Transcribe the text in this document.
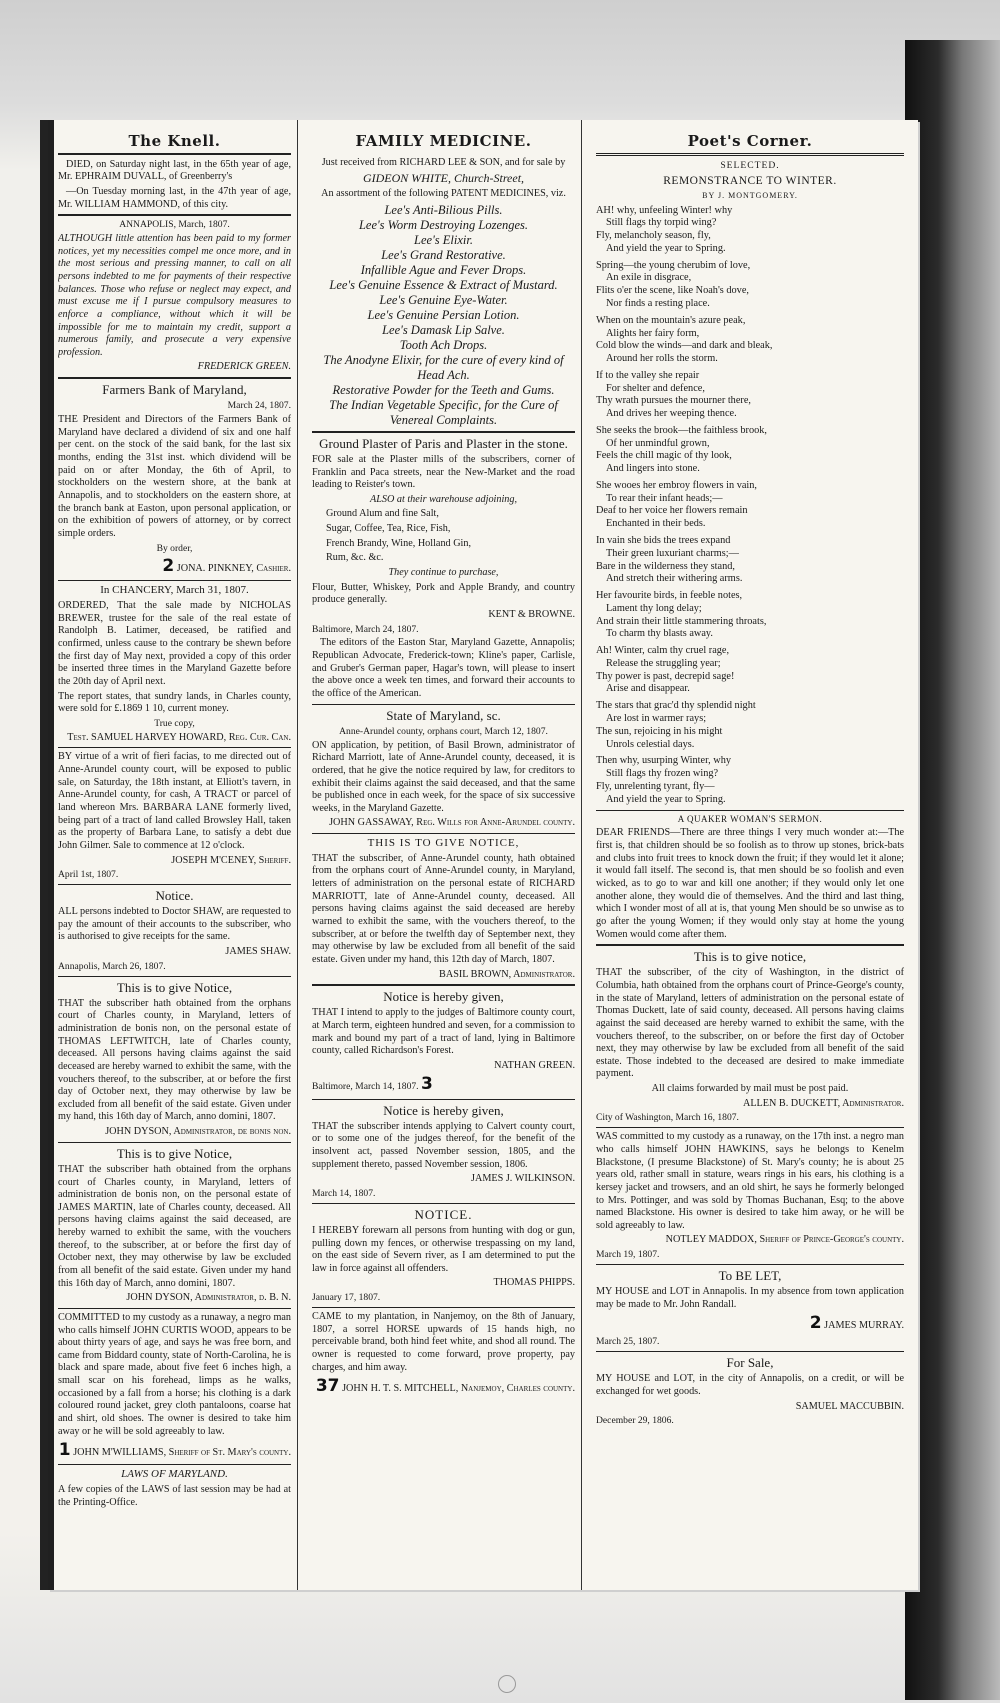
The Knell.

DIED, on Saturday night last, in the 65th year of age, Mr. EPHRAIM DUVALL, of Greenberry's

—On Tuesday morning last, in the 47th year of age, Mr. WILLIAM HAMMOND, of this city.

ANNAPOLIS, March, 1807.

ALTHOUGH little attention has been paid to my former notices, yet my necessities compel me once more, and in the most serious and pressing manner, to call on all persons indebted to me for payments of their respective balances. Those who refuse or neglect may expect, and must excuse me if I pursue compulsory measures to enforce a compliance, without which it will be impossible for me to maintain my credit, support a numerous family, and prosecute a very expensive profession.

FREDERICK GREEN.

Farmers Bank of Maryland,

March 24, 1807.

THE President and Directors of the Farmers Bank of Maryland have declared a dividend of six and one half per cent. on the stock of the said bank, for the last six months, ending the 31st inst. which dividend will be paid on or after Monday, the 6th of April, to stockholders on the western shore, at the bank at Annapolis, and to stockholders on the eastern shore, at the branch bank at Easton, upon personal application, or on the exhibition of powers of attorney, or by correct simple orders.

By order,

2 JONA. PINKNEY, Cashier.

In CHANCERY, March 31, 1807.

ORDERED, That the sale made by NICHOLAS BREWER, trustee for the sale of the real estate of Randolph B. Latimer, deceased, be ratified and confirmed, unless cause to the contrary be shewn before the first day of May next, provided a copy of this order be inserted three times in the Maryland Gazette before the 20th day of April next.

The report states, that sundry lands, in Charles county, were sold for £.1869 1 10, current money.

True copy,

Test. SAMUEL HARVEY HOWARD, Reg. Cur. Can.

BY virtue of a writ of fieri facias, to me directed out of Anne-Arundel county court, will be exposed to public sale, on Saturday, the 18th instant, at Elliott's tavern, in Anne-Arundel county, for cash, A TRACT or parcel of land whereon Mrs. BARBARA LANE formerly lived, being part of a tract of land called Browsley Hall, taken as the property of Barbara Lane, to satisfy a debt due John Gilmer. Sale to commence at 12 o'clock.

JOSEPH M'CENEY, Sheriff.

April 1st, 1807.

Notice.

ALL persons indebted to Doctor SHAW, are requested to pay the amount of their accounts to the subscriber, who is authorised to give receipts for the same.

JAMES SHAW.

Annapolis, March 26, 1807.

This is to give Notice,

THAT the subscriber hath obtained from the orphans court of Charles county, in Maryland, letters of administration de bonis non, on the personal estate of THOMAS LEFTWITCH, late of Charles county, deceased. All persons having claims against the said deceased are hereby warned to exhibit the same, with the vouchers thereof, to the subscriber, at or before the first day of October next, they may otherwise by law be excluded from all benefit of the said estate. Given under my hand, this 16th day of March, anno domini, 1807.

JOHN DYSON, Administrator, de bonis non.

This is to give Notice,

THAT the subscriber hath obtained from the orphans court of Charles county, in Maryland, letters of administration de bonis non, on the personal estate of JAMES MARTIN, late of Charles county, deceased. All persons having claims against the said deceased, are hereby warned to exhibit the same, with the vouchers thereof, to the subscriber, at or before the first day of October next, they may otherwise by law be excluded from all benefit of the said estate. Given under my hand this 16th day of March, anno domini, 1807.

JOHN DYSON, Administrator, d. B. N.

COMMITTED to my custody as a runaway, a negro man who calls himself JOHN CURTIS WOOD, appears to be about thirty years of age, and says he was free born, and came from Biddard county, state of North-Carolina, he is black and spare made, about five feet 6 inches high, a small scar on his forehead, limps as he walks, occasioned by a fall from a horse; his clothing is a dark coloured round jacket, grey cloth pantaloons, coarse hat and shirt, old shoes. The owner is desired to take him away or he will be sold agreeably to law.

1 JOHN M'WILLIAMS, Sheriff of St. Mary's county.

LAWS OF MARYLAND.

A few copies of the LAWS of last session may be had at the Printing-Office.

FAMILY MEDICINE.

Just received from RICHARD LEE & SON, and for sale by

GIDEON WHITE, Church-Street,

An assortment of the following PATENT MEDICINES, viz.

Lee's Anti-Bilious Pills.
Lee's Worm Destroying Lozenges.
Lee's Elixir.
Lee's Grand Restorative.
Infallible Ague and Fever Drops.
Lee's Genuine Essence & Extract of Mustard.
Lee's Genuine Eye-Water.
Lee's Genuine Persian Lotion.
Lee's Damask Lip Salve.
Tooth Ach Drops.
The Anodyne Elixir, for the cure of every kind of Head Ach.
Restorative Powder for the Teeth and Gums.
The Indian Vegetable Specific, for the Cure of Venereal Complaints.
Ground Plaster of Paris and Plaster in the stone.

FOR sale at the Plaster mills of the subscribers, corner of Franklin and Paca streets, near the New-Market and the road leading to Reister's town.

ALSO at their warehouse adjoining,

Ground Alum and fine Salt,

Sugar, Coffee, Tea, Rice, Fish,

French Brandy, Wine, Holland Gin,

Rum, &c. &c.

They continue to purchase,

Flour, Butter, Whiskey, Pork and Apple Brandy, and country produce generally.

KENT & BROWNE.

Baltimore, March 24, 1807.

The editors of the Easton Star, Maryland Gazette, Annapolis; Republican Advocate, Frederick-town; Kline's paper, Carlisle, and Gruber's German paper, Hagar's town, will please to insert the above once a week ten times, and forward their accounts to the office of the American.

State of Maryland, sc.

Anne-Arundel county, orphans court, March 12, 1807.

ON application, by petition, of Basil Brown, administrator of Richard Marriott, late of Anne-Arundel county, deceased, it is ordered, that he give the notice required by law, for creditors to exhibit their claims against the said deceased, and that the same be published once in each week, for the space of six successive weeks, in the Maryland Gazette.

JOHN GASSAWAY, Reg. Wills for Anne-Arundel county.

THIS IS TO GIVE NOTICE,

THAT the subscriber, of Anne-Arundel county, hath obtained from the orphans court of Anne-Arundel county, in Maryland, letters of administration on the personal estate of RICHARD MARRIOTT, late of Anne-Arundel county, deceased. All persons having claims against the said deceased are hereby warned to exhibit the same, with the vouchers thereof, to the subscriber, at or before the twelfth day of September next, they may otherwise by law be excluded from all benefit of the said estate. Given under my hand, this 12th day of March, 1807.

BASIL BROWN, Administrator.

Notice is hereby given,

THAT I intend to apply to the judges of Baltimore county court, at March term, eighteen hundred and seven, for a commission to mark and bound my part of a tract of land, lying in Baltimore county, called Richardson's Forest.

NATHAN GREEN.

Baltimore, March 14, 1807. 3

Notice is hereby given,

THAT the subscriber intends applying to Calvert county court, or to some one of the judges thereof, for the benefit of the insolvent act, passed November session, 1805, and the supplement thereto, passed November session, 1806.

JAMES J. WILKINSON.

March 14, 1807.

NOTICE.

I HEREBY forewarn all persons from hunting with dog or gun, pulling down my fences, or otherwise trespassing on my land, on the east side of Severn river, as I am determined to put the law in force against all offenders.

THOMAS PHIPPS.

January 17, 1807.

CAME to my plantation, in Nanjemoy, on the 8th of January, 1807, a sorrel HORSE upwards of 15 hands high, no perceivable brand, both hind feet white, and shod all round. The owner is requested to come forward, prove property, pay charges, and him away.

37 JOHN H. T. S. MITCHELL, Nanjemoy, Charles county.

Poet's Corner.

SELECTED.

REMONSTRANCE TO WINTER.
BY J. MONTGOMERY.
AH! why, unfeeling Winter! why
Still flags thy torpid wing?
Fly, melancholy season, fly,
And yield the year to Spring.
Spring—the young cherubim of love,
An exile in disgrace,
Flits o'er the scene, like Noah's dove,
Nor finds a resting place.
When on the mountain's azure peak,
Alights her fairy form,
Cold blow the winds—and dark and bleak,
Around her rolls the storm.
If to the valley she repair
For shelter and defence,
Thy wrath pursues the mourner there,
And drives her weeping thence.
She seeks the brook—the faithless brook,
Of her unmindful grown,
Feels the chill magic of thy look,
And lingers into stone.
She wooes her embroy flowers in vain,
To rear their infant heads;—
Deaf to her voice her flowers remain
Enchanted in their beds.
In vain she bids the trees expand
Their green luxuriant charms;—
Bare in the wilderness they stand,
And stretch their withering arms.
Her favourite birds, in feeble notes,
Lament thy long delay;
And strain their little stammering throats,
To charm thy blasts away.
Ah! Winter, calm thy cruel rage,
Release the struggling year;
Thy power is past, decrepid sage!
Arise and disappear.
The stars that grac'd thy splendid night
Are lost in warmer rays;
The sun, rejoicing in his might
Unrols celestial days.
Then why, usurping Winter, why
Still flags thy frozen wing?
Fly, unrelenting tyrant, fly—
And yield the year to Spring.
A QUAKER WOMAN'S SERMON.

DEAR FRIENDS—There are three things I very much wonder at:—The first is, that children should be so foolish as to throw up stones, brick-bats and clubs into fruit trees to knock down the fruit; if they would let it alone; it would fall itself. The second is, that men should be so foolish and even wicked, as to go to war and kill one another; if they would only let one another alone, they would die of themselves. And the third and last thing, which I wonder most of all at is, that young Men should be so unwise as to go after the young Women; if they would only stay at home the young Women would come after them.

This is to give notice,

THAT the subscriber, of the city of Washington, in the district of Columbia, hath obtained from the orphans court of Prince-George's county, in the state of Maryland, letters of administration on the personal estate of Thomas Duckett, late of said county, deceased. All persons having claims against the said deceased are hereby warned to exhibit the same, with the vouchers thereof, to the subscriber, on or before the first day of October next, they may otherwise by law be excluded from all benefit of the said estate. Those indebted to the deceased are desired to make immediate payment.

All claims forwarded by mail must be post paid.

ALLEN B. DUCKETT, Administrator.

City of Washington, March 16, 1807.

WAS committed to my custody as a runaway, on the 17th inst. a negro man who calls himself JOHN HAWKINS, says he belongs to Kenelm Blackstone, (I presume Blackstone) of St. Mary's county; he is about 25 years old, rather small in stature, wears rings in his ears, his clothing is a kersey jacket and trowsers, and an old shirt, he says he formerly belonged to Mrs. Pottinger, and was sold by Thomas Buchanan, Esq; to the above named Blackstone. His owner is desired to take him away, or he will be sold agreeably to law.

NOTLEY MADDOX, Sheriff of Prince-George's county.

March 19, 1807.

To BE LET,

MY HOUSE and LOT in Annapolis. In my absence from town application may be made to Mr. John Randall.

2 JAMES MURRAY.

March 25, 1807.

For Sale,

MY HOUSE and LOT, in the city of Annapolis, on a credit, or will be exchanged for wet goods.

SAMUEL MACCUBBIN.

December 29, 1806.
